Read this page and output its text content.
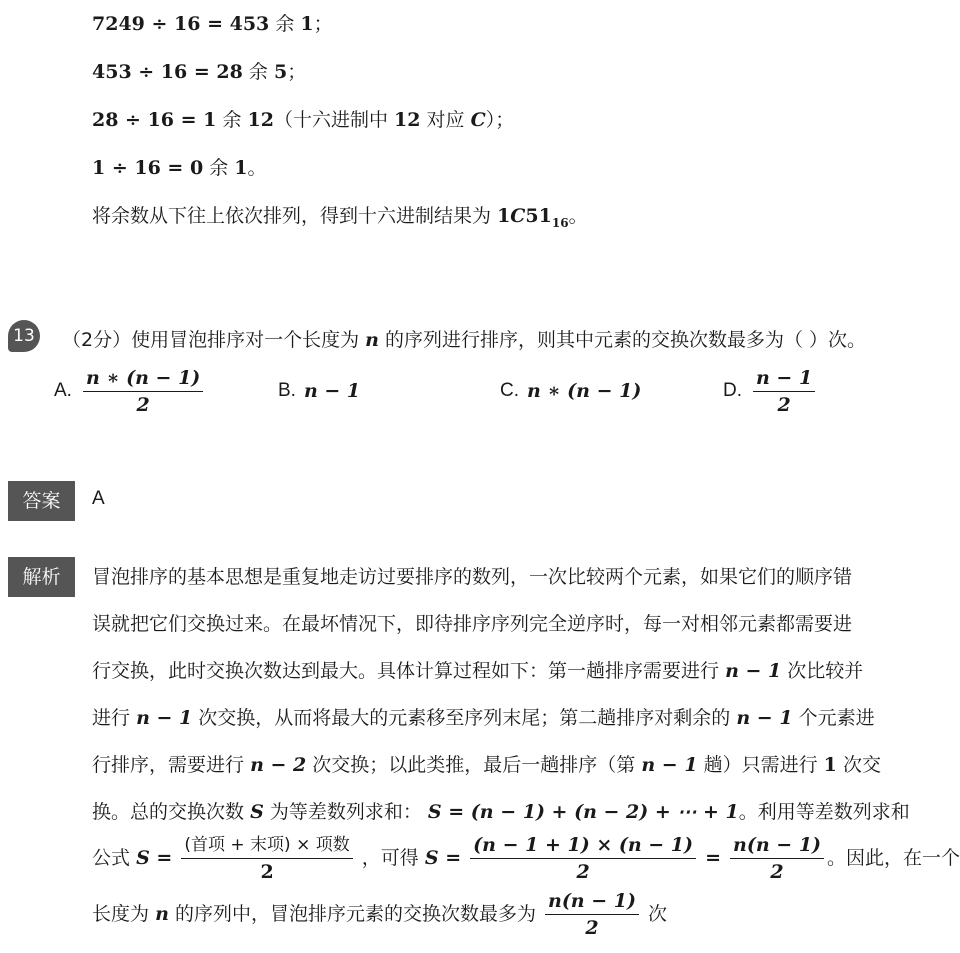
7249 ÷ 16 = 453 余 1；
453 ÷ 16 = 28 余 5；
28 ÷ 16 = 1 余 12（十六进制中 12 对应 C）；
1 ÷ 16 = 0 余 1。
将余数从下往上依次排列，得到十六进制结果为 $1C51_{16}$。
13 （2分）使用冒泡排序对一个长度为 n 的序列进行排序，则其中元素的交换次数最多为（ ）次。
A. $\frac{n ∗ (n - 1)}{2}$	B. n − 1	C. n ∗ (n − 1)	D. $\frac{n - 1}{2}$
答案	A
解析	冒泡排序的基本思想是重复地走访过要排序的数列，一次比较两个元素，如果它们的顺序错
误就把它们交换过来。在最坏情况下，即待排序序列完全逆序时，每一对相邻元素都需要进
行交换，此时交换次数达到最大。具体计算过程如下：第一趟排序需要进行 n − 1 次比较并
进行 n − 1 次交换，从而将最大的元素移至序列末尾；第二趟排序对剩余的 n − 1 个元素进
行排序，需要进行 n − 2 次交换；以此类推，最后一趟排序（第 n − 1 趟）只需进行 1 次交
换。总的交换次数 S 为等差数列求和： S = (n − 1) + (n − 2) + ⋯ + 1。利用等差数列求和
公式 $S = \frac{\text{(首项 + 末项) × 项数}}{2}$ ，可得 $S = \frac{(n - 1 + 1) \times (n - 1)}{2} = \frac{n(n - 1)}{2}$ 。因此，在一个
长度为 n 的序列中，冒泡排序元素的交换次数最多为 $\frac{n(n - 1)}{2}$ 次
